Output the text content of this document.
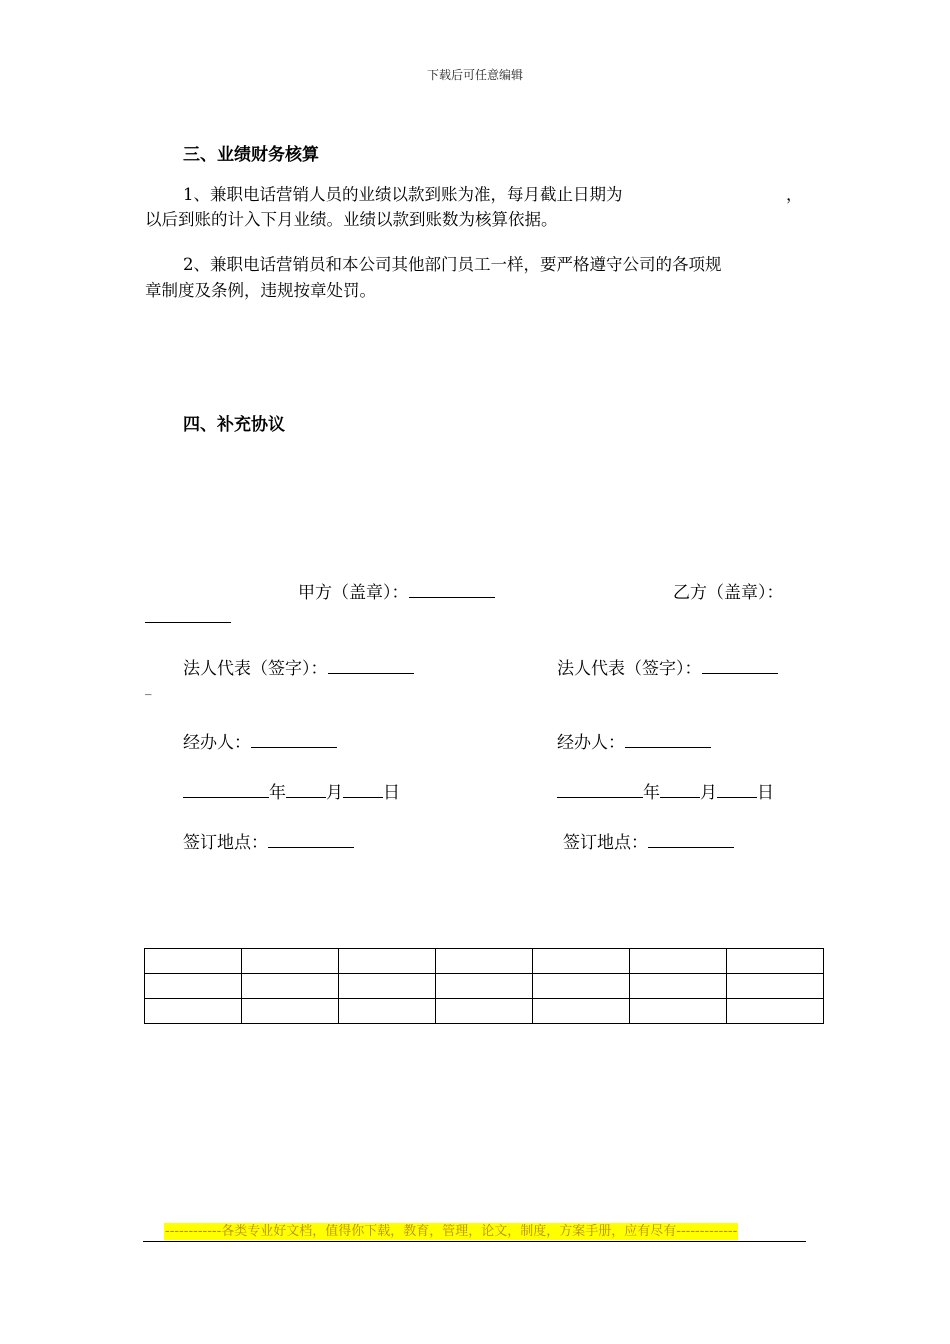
下载后可任意编辑
三、业绩财务核算
1、兼职电话营销人员的业绩以款到账为准，每月截止日期为	，
以后到账的计入下月业绩。业绩以款到账数为核算依据。
2、兼职电话营销员和本公司其他部门员工一样，要严格遵守公司的各项规
章制度及条例，违规按章处罚。
四、补充协议
甲方（盖章）：	乙方（盖章）：
法人代表（签字）：	法人代表（签字）：
_
经办人：	经办人：
年 月 日	年 月 日
签订地点：	签订地点：

------------各类专业好文档，值得你下载，教育，管理，论文，制度，方案手册，应有尽有-------------
